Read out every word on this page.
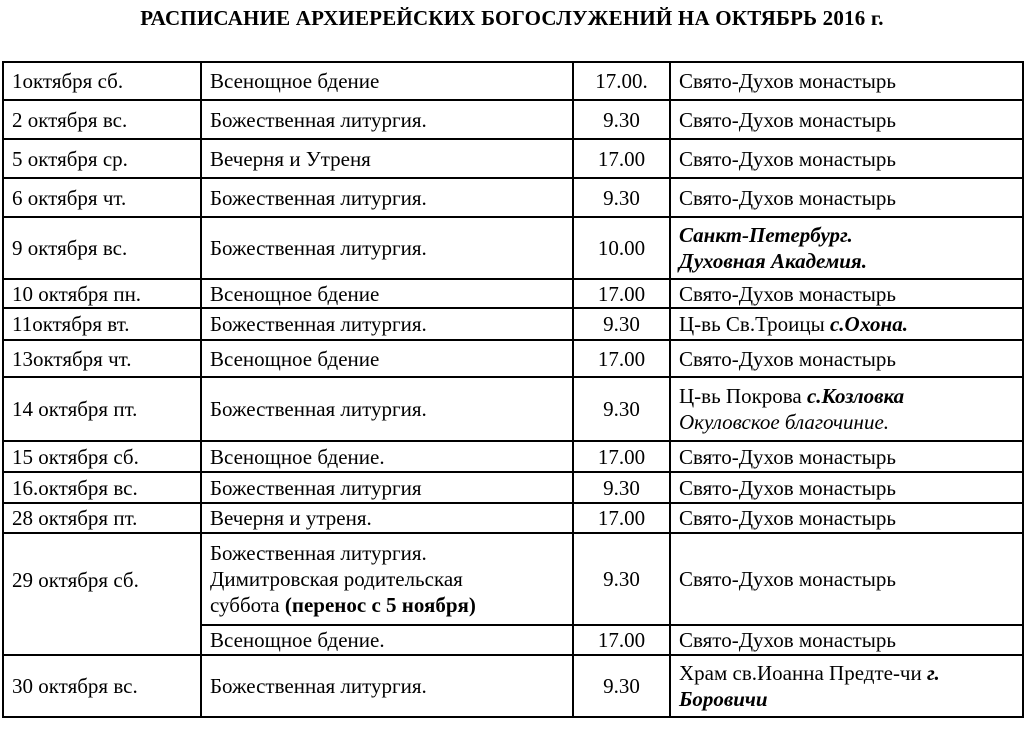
РАСПИСАНИЕ АРХИЕРЕЙСКИХ БОГОСЛУЖЕНИЙ НА ОКТЯБРЬ 2016 г.
1октября сб.	Всенощное бдение	17.00.	Свято-Духов монастырь
2 октября вс.	Божественная литургия.	9.30	Свято-Духов монастырь
5 октября ср.	Вечерня и Утреня	17.00	Свято-Духов монастырь
6 октября чт.	Божественная литургия.	9.30	Свято-Духов монастырь
9 октября вс.	Божественная литургия.	10.00	Санкт-Петербург.
Духовная Академия.
10 октября пн.	Всенощное бдение	17.00	Свято-Духов монастырь
11октября вт.	Божественная литургия.	9.30	Ц-вь Св.Троицы с.Охона.
13октября чт.	Всенощное бдение	17.00	Свято-Духов монастырь
14 октября пт.	Божественная литургия.	9.30	Ц-вь Покрова с.Козловка
Окуловское благочиние.
15 октября сб.	Всенощное бдение.	17.00	Свято-Духов монастырь
16.октября вс.	Божественная литургия	9.30	Свято-Духов монастырь
28 октября пт.	Вечерня и утреня.	17.00	Свято-Духов монастырь
29 октября сб.	Божественная литургия.
Димитровская родительская
суббота (перенос с 5 ноября)	9.30	Свято-Духов монастырь
	Всенощное бдение.	17.00	Свято-Духов монастырь
30 октября вс.	Божественная литургия.	9.30	Храм св.Иоанна Предте-чи г.
Боровичи
